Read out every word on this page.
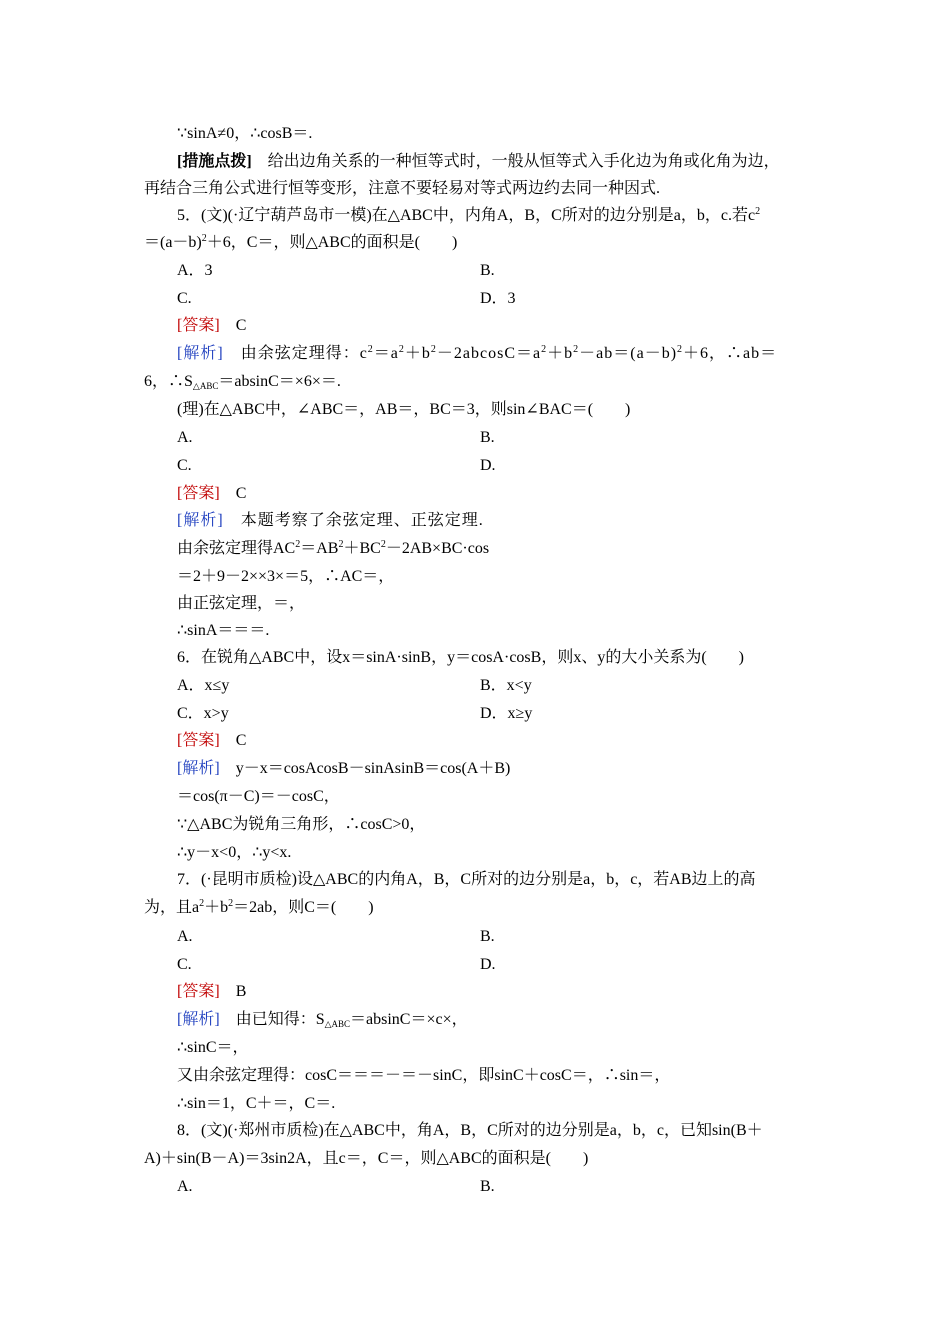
∵sinA≠0，∴cosB＝.
[措施点拨]　给出边角关系的一种恒等式时，一般从恒等式入手化边为角或化角为边，
再结合三角公式进行恒等变形，注意不要轻易对等式两边约去同一种因式.
5．(文)(·辽宁葫芦岛市一模)在△ABC中，内角A，B，C所对的边分别是a，b，c.若$c^2$
$=(a-b)^2+6$，C＝，则△ABC的面积是(　　)
A．3	B.
C.	D．3
[答案]　 C
[解析]　 由余弦定理得：$c^2=a^2+b^2-2abcosC=a^2+b^2-ab=(a-b)^2+6$，∴ab＝
6，$\therefore S_{\triangle ABC}=absinC=\times 6\times=$.
(理)在△ABC中，∠ABC＝，AB＝，BC＝3，则sin∠BAC＝(　　)
A.	B.
C.	D.
[答案]　 C
[解析]　 本题考察了余弦定理、正弦定理.
由余弦定理得$AC^2=AB^2+BC^2-2AB\times BC\cdot\cos$
＝2＋9－2××3×＝5，∴AC＝，
由正弦定理，＝，
∴sinA＝＝＝.
6．在锐角△ABC中，设x＝sinA·sinB，y＝cosA·cosB，则x、y的大小关系为(　　)
A．x≤y	B．x<y
C．x>y	D．x≥y
[答案]　 C
[解析]　 y－x＝cosAcosB－sinAsinB＝cos(A＋B)
＝cos(π－C)＝－cosC，
∵△ABC为锐角三角形，∴cosC>0，
∴y－x<0，∴y<x.
7．(·昆明市质检)设△ABC的内角A，B，C所对的边分别是a，b，c，若AB边上的高
为，且$a^2+b^2=2ab$，则C＝(　　)
A.	B.
C.	D.
[答案]　 B
[解析]　 由已知得：$S_{\triangle ABC}=absinC=\times c\times$，
∴sinC＝，
又由余弦定理得：cosC＝＝＝－＝－sinC，即sinC＋cosC＝，∴sin＝，
∴sin＝1，C＋＝，C＝.
8．(文)(·郑州市质检)在△ABC中，角A，B，C所对的边分别是a，b，c，已知sin(B＋
A)＋sin(B－A)＝3sin2A，且c＝，C＝，则△ABC的面积是(　　)
A.	B.
